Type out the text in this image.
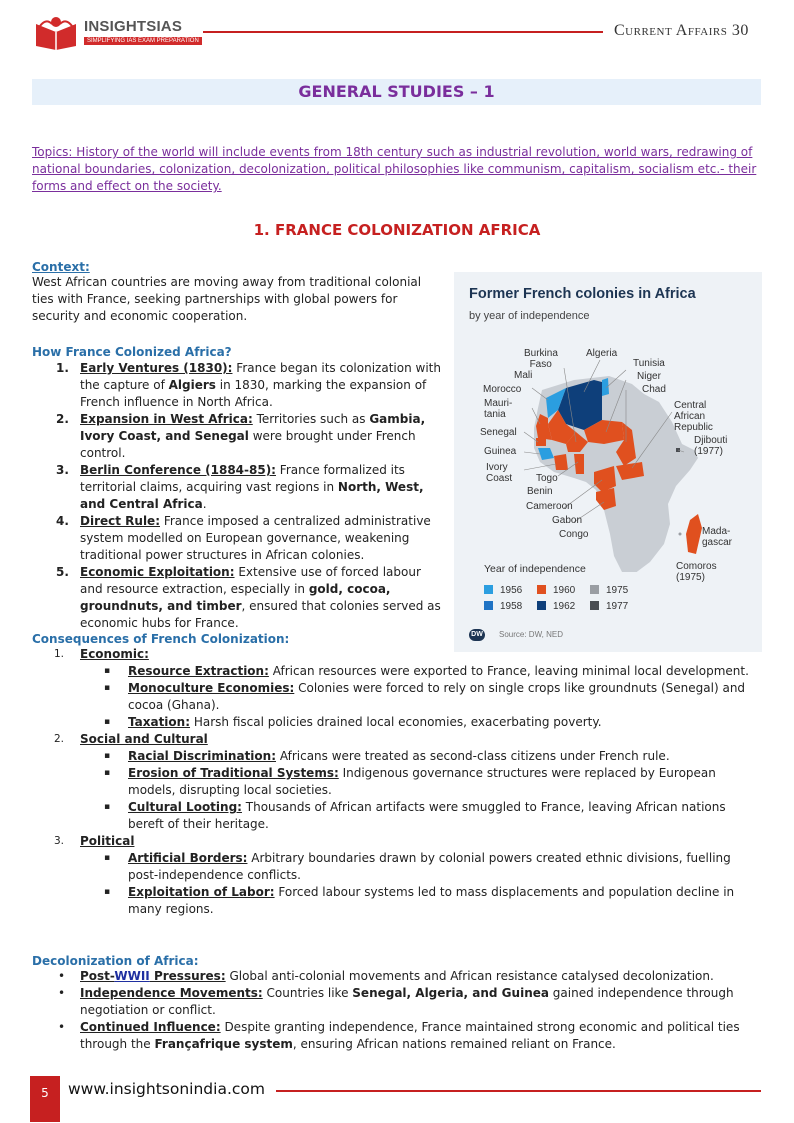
INSIGHTSIAS
SIMPLIFYING IAS EXAM PREPARATION
Current Affairs 30
GENERAL STUDIES – 1
Topics: History of the world will include events from 18th century such as industrial revolution, world wars, redrawing of national boundaries, colonization, decolonization, political philosophies like communism, capitalism, socialism etc.- their forms and effect on the society.
1. FRANCE COLONIZATION AFRICA
Context:
West African countries are moving away from traditional colonial ties with France, seeking partnerships with global powers for security and economic cooperation.
How France Colonized Africa?
1. Early Ventures (1830): France began its colonization with the capture of Algiers in 1830, marking the expansion of French influence in North Africa.
2. Expansion in West Africa: Territories such as Gambia, Ivory Coast, and Senegal were brought under French control.
3. Berlin Conference (1884-85): France formalized its territorial claims, acquiring vast regions in North, West, and Central Africa.
4. Direct Rule: France imposed a centralized administrative system modelled on European governance, weakening traditional power structures in African colonies.
5. Economic Exploitation: Extensive use of forced labour and resource extraction, especially in gold, cocoa, groundnuts, and timber, ensured that colonies served as economic hubs for France.
Former French colonies in Africa
by year of independence
Burkina
Faso
Algeria
Mali
Tunisia
Niger
Chad
Morocco
Mauri-
tania
Senegal
Guinea
Ivory
Coast Togo
Benin
Cameroon
Gabon
Congo
Central
African
Republic
Djibouti
(1977)
Mada-
gascar
Comoros
(1975)
Year of independence
1956	1960	1975
1958	1962	1977
DW Source: DW, NED
Consequences of French Colonization:
1. Economic:
▪ Resource Extraction: African resources were exported to France, leaving minimal local development.
▪ Monoculture Economies: Colonies were forced to rely on single crops like groundnuts (Senegal) and cocoa (Ghana).
▪ Taxation: Harsh fiscal policies drained local economies, exacerbating poverty.
2. Social and Cultural
▪ Racial Discrimination: Africans were treated as second-class citizens under French rule.
▪ Erosion of Traditional Systems: Indigenous governance structures were replaced by European models, disrupting local societies.
▪ Cultural Looting: Thousands of African artifacts were smuggled to France, leaving African nations bereft of their heritage.
3. Political
▪ Artificial Borders: Arbitrary boundaries drawn by colonial powers created ethnic divisions, fuelling post-independence conflicts.
▪ Exploitation of Labor: Forced labour systems led to mass displacements and population decline in many regions.
Decolonization of Africa:
• Post-WWII Pressures: Global anti-colonial movements and African resistance catalysed decolonization.
• Independence Movements: Countries like Senegal, Algeria, and Guinea gained independence through negotiation or conflict.
• Continued Influence: Despite granting independence, France maintained strong economic and political ties through the Françafrique system, ensuring African nations remained reliant on France.
5	www.insightsonindia.com
